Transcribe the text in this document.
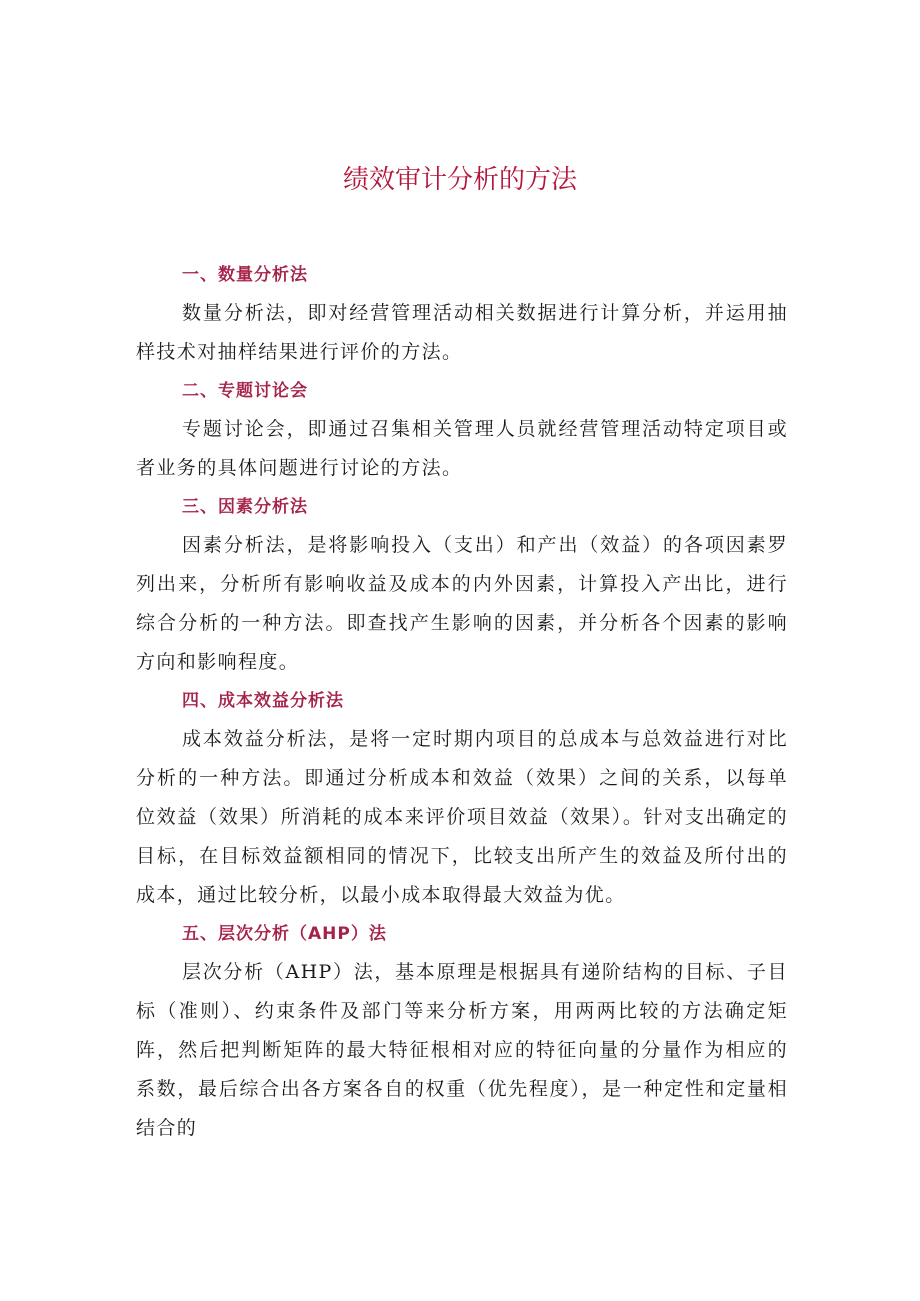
绩效审计分析的方法
一、数量分析法

数量分析法，即对经营管理活动相关数据进行计算分析，并运用抽样技术对抽样结果进行评价的方法。

二、专题讨论会

专题讨论会，即通过召集相关管理人员就经营管理活动特定项目或者业务的具体问题进行讨论的方法。

三、因素分析法

因素分析法，是将影响投入（支出）和产出（效益）的各项因素罗列出来，分析所有影响收益及成本的内外因素，计算投入产出比，进行综合分析的一种方法。即查找产生影响的因素，并分析各个因素的影响方向和影响程度。

四、成本效益分析法

成本效益分析法，是将一定时期内项目的总成本与总效益进行对比分析的一种方法。即通过分析成本和效益（效果）之间的关系，以每单位效益（效果）所消耗的成本来评价项目效益（效果）。针对支出确定的目标，在目标效益额相同的情况下，比较支出所产生的效益及所付出的成本，通过比较分析，以最小成本取得最大效益为优。

五、层次分析（AHP）法

层次分析（AHP）法，基本原理是根据具有递阶结构的目标、子目标（准则）、约束条件及部门等来分析方案，用两两比较的方法确定矩阵，然后把判断矩阵的最大特征根相对应的特征向量的分量作为相应的系数，最后综合出各方案各自的权重（优先程度），是一种定性和定量相结合的
